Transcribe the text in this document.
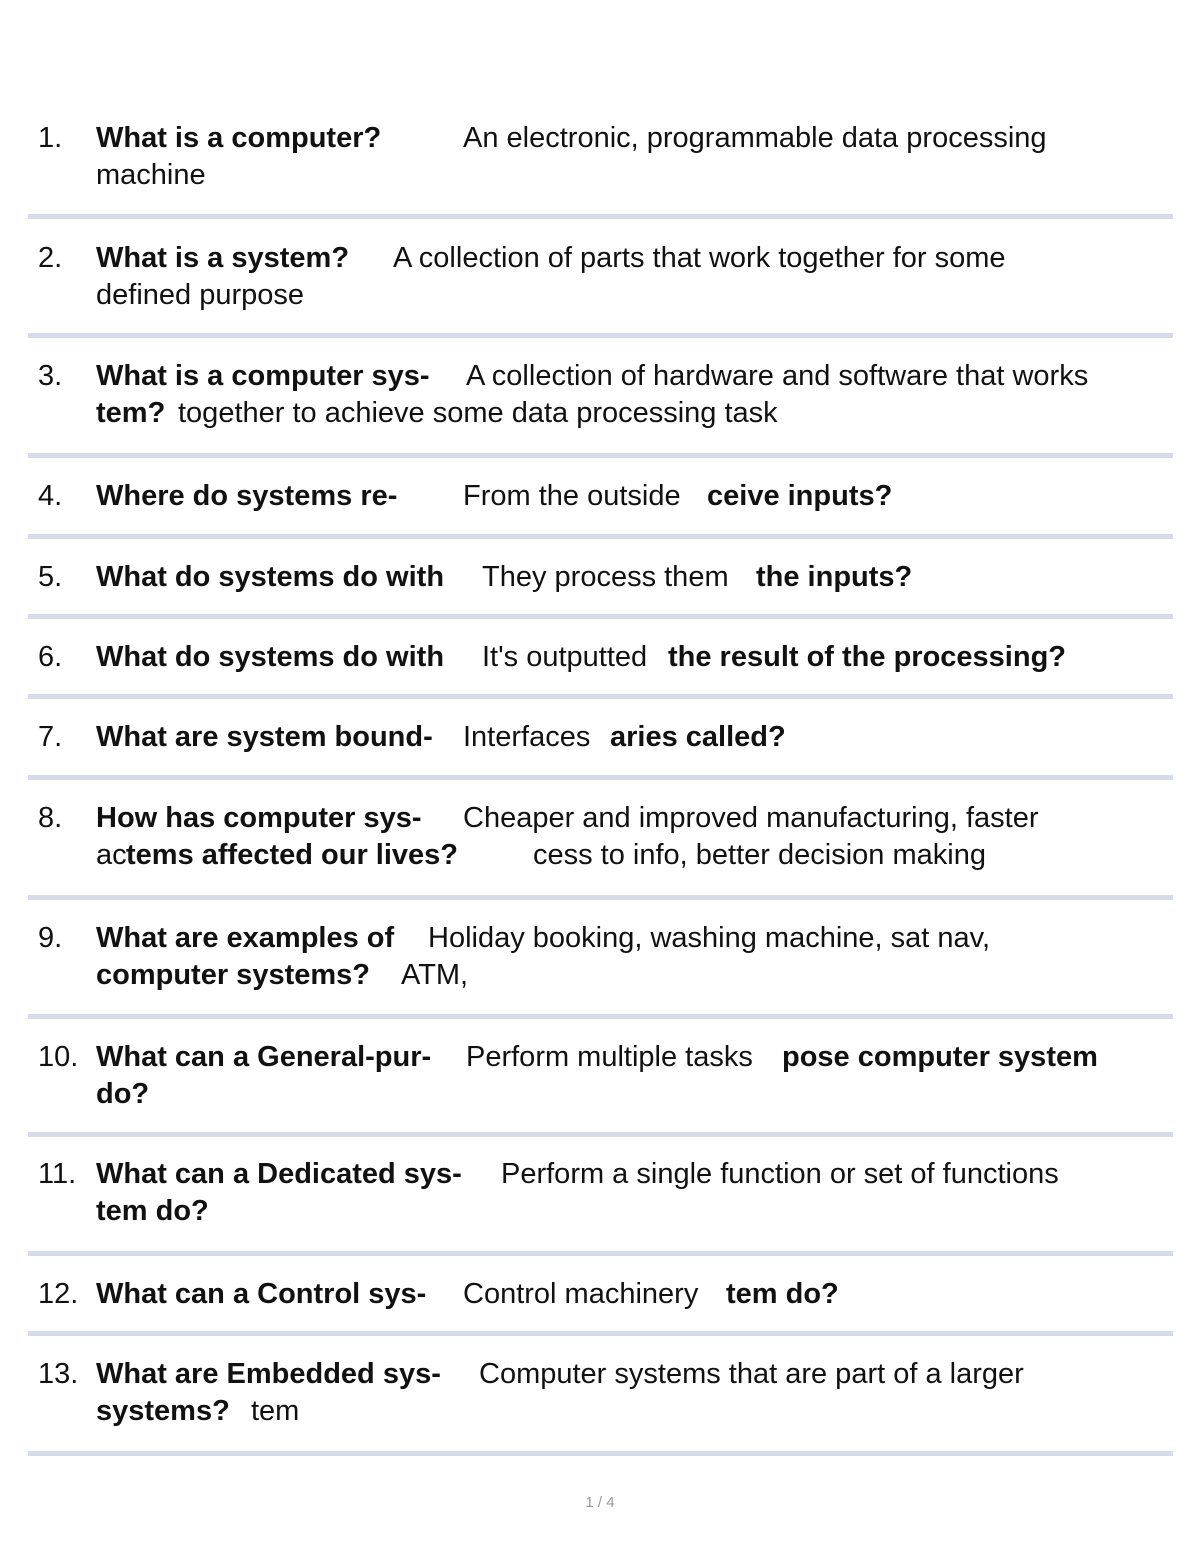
1. What is a computer?	An electronic, programmable data processing
machine
2. What is a system? A collection of parts that work together for some
defined purpose
3. What is a computer sys- A collection of hardware and software that works
tem? together to achieve some data processing task
4. Where do systems re- From the outside ceive inputs?
5. What do systems do with They process them the inputs?
6. What do systems do with It's outputted the result of the processing?
7. What are system bound- Interfaces aries called?
8. How has computer sys- Cheaper and improved manufacturing, faster
ac tems affected our lives?	cess to info, better decision making
9. What are examples of Holiday booking, washing machine, sat nav,
computer systems? ATM,
10. What can a General-pur- Perform multiple tasks pose computer system
do?
11. What can a Dedicated sys- Perform a single function or set of functions
tem do?
12. What can a Control sys- Control machinery tem do?
13. What are Embedded sys- Computer systems that are part of a larger
systems? tem
1 / 4
